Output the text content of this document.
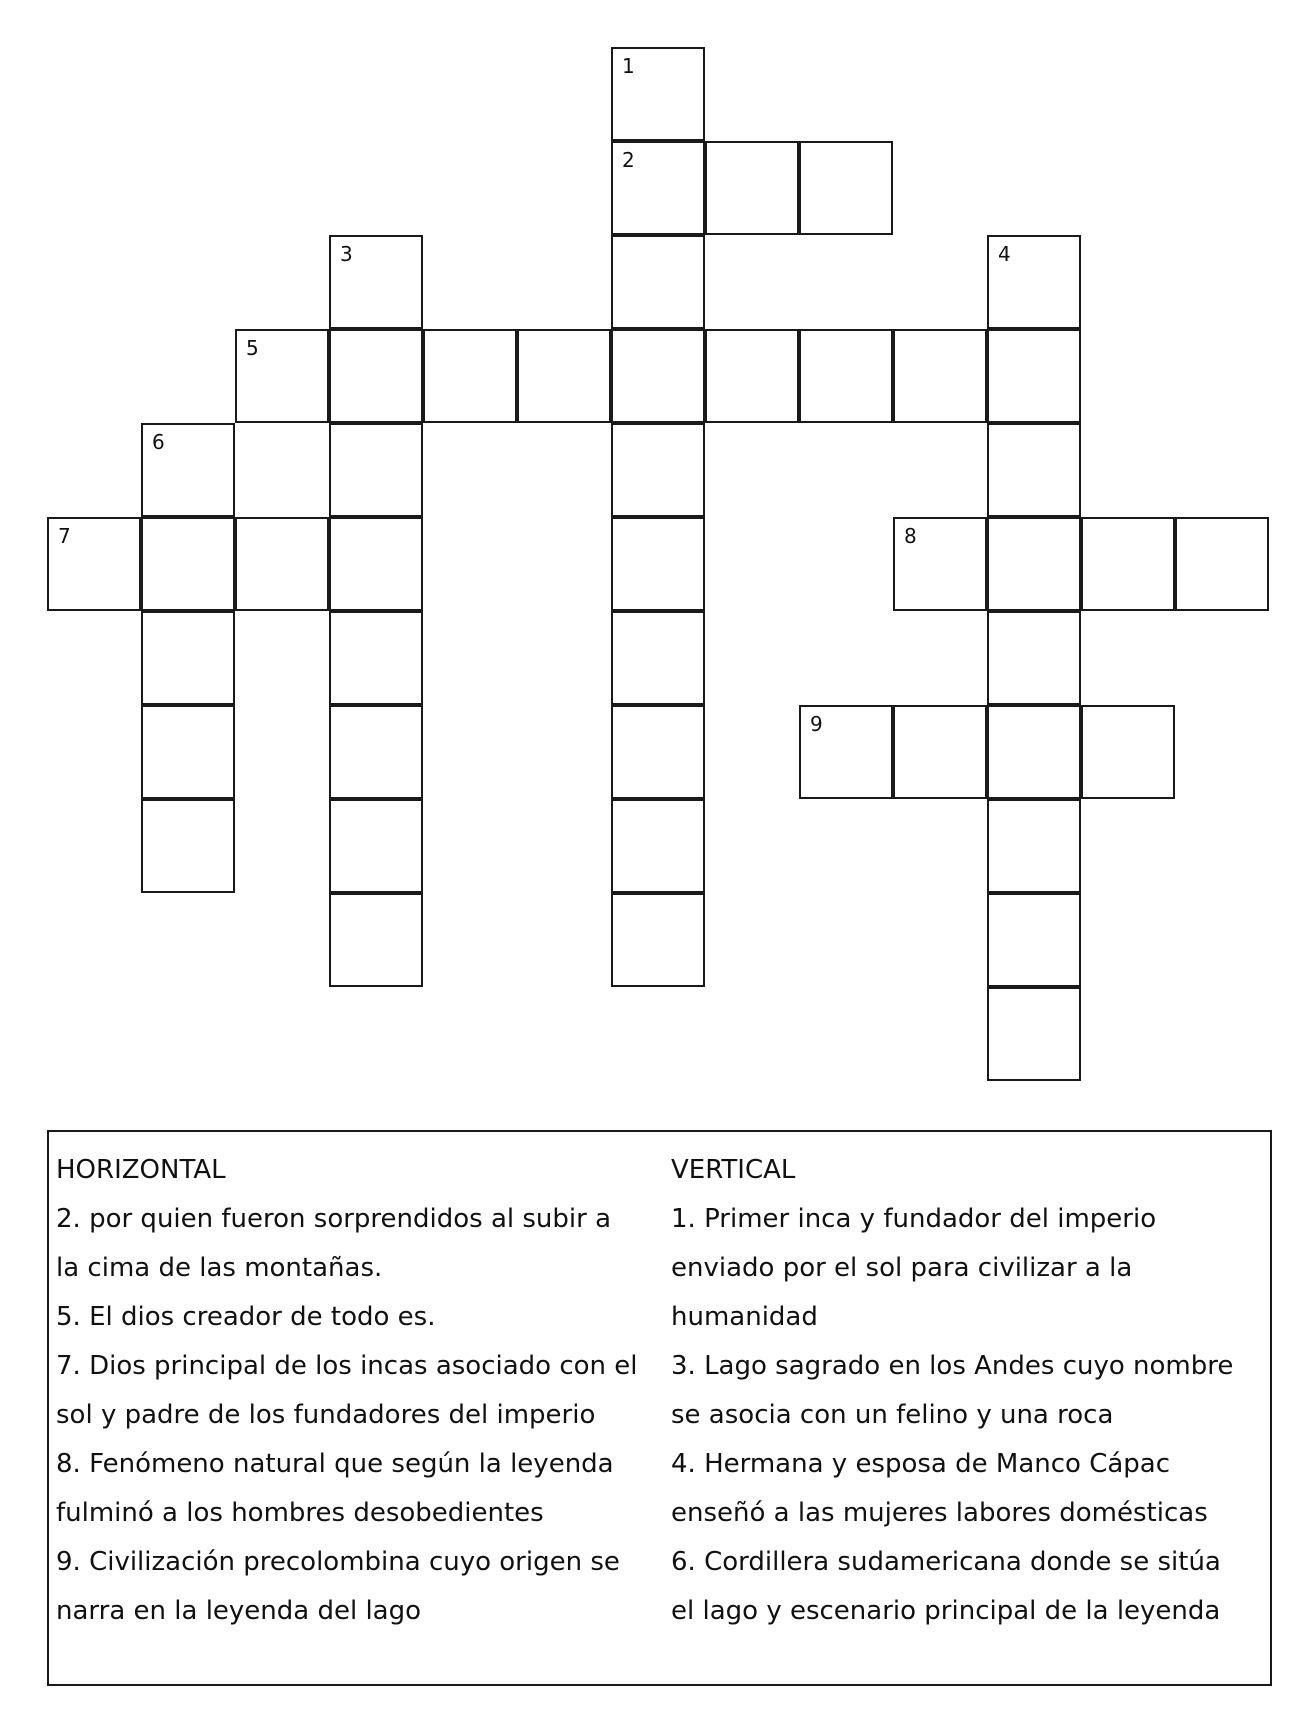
1
2
3	4
5
6
7	8
9
HORIZONTAL
2. por quien fueron sorprendidos al subir a
la cima de las montañas.
5. El dios creador de todo es.
7. Dios principal de los incas asociado con el
sol y padre de los fundadores del imperio
8. Fenómeno natural que según la leyenda
fulminó a los hombres desobedientes
9. Civilización precolombina cuyo origen se
narra en la leyenda del lago
VERTICAL
1. Primer inca y fundador del imperio
enviado por el sol para civilizar a la
humanidad
3. Lago sagrado en los Andes cuyo nombre
se asocia con un felino y una roca
4. Hermana y esposa de Manco Cápac
enseñó a las mujeres labores domésticas
6. Cordillera sudamericana donde se sitúa
el lago y escenario principal de la leyenda
